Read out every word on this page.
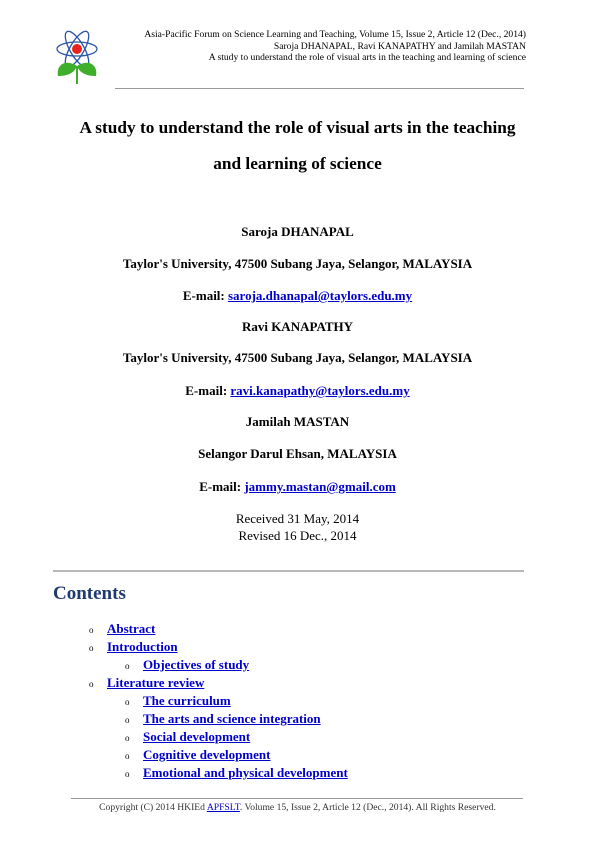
Asia-Pacific Forum on Science Learning and Teaching, Volume 15, Issue 2, Article 12 (Dec., 2014)
Saroja DHANAPAL, Ravi KANAPATHY and Jamilah MASTAN
A study to understand the role of visual arts in the teaching and learning of science
A study to understand the role of visual arts in the teaching
and learning of science
Saroja DHANAPAL
Taylor's University, 47500 Subang Jaya, Selangor, MALAYSIA
E-mail: saroja.dhanapal@taylors.edu.my
Ravi KANAPATHY
Taylor's University, 47500 Subang Jaya, Selangor, MALAYSIA
E-mail: ravi.kanapathy@taylors.edu.my
Jamilah MASTAN
Selangor Darul Ehsan, MALAYSIA
E-mail: jammy.mastan@gmail.com
Received 31 May, 2014
Revised 16 Dec., 2014
Contents
o Abstract
o Introduction
o Objectives of study
o Literature review
o The curriculum
o The arts and science integration
o Social development
o Cognitive development
o Emotional and physical development
Copyright (C) 2014 HKIEd APFSLT. Volume 15, Issue 2, Article 12 (Dec., 2014). All Rights Reserved.
